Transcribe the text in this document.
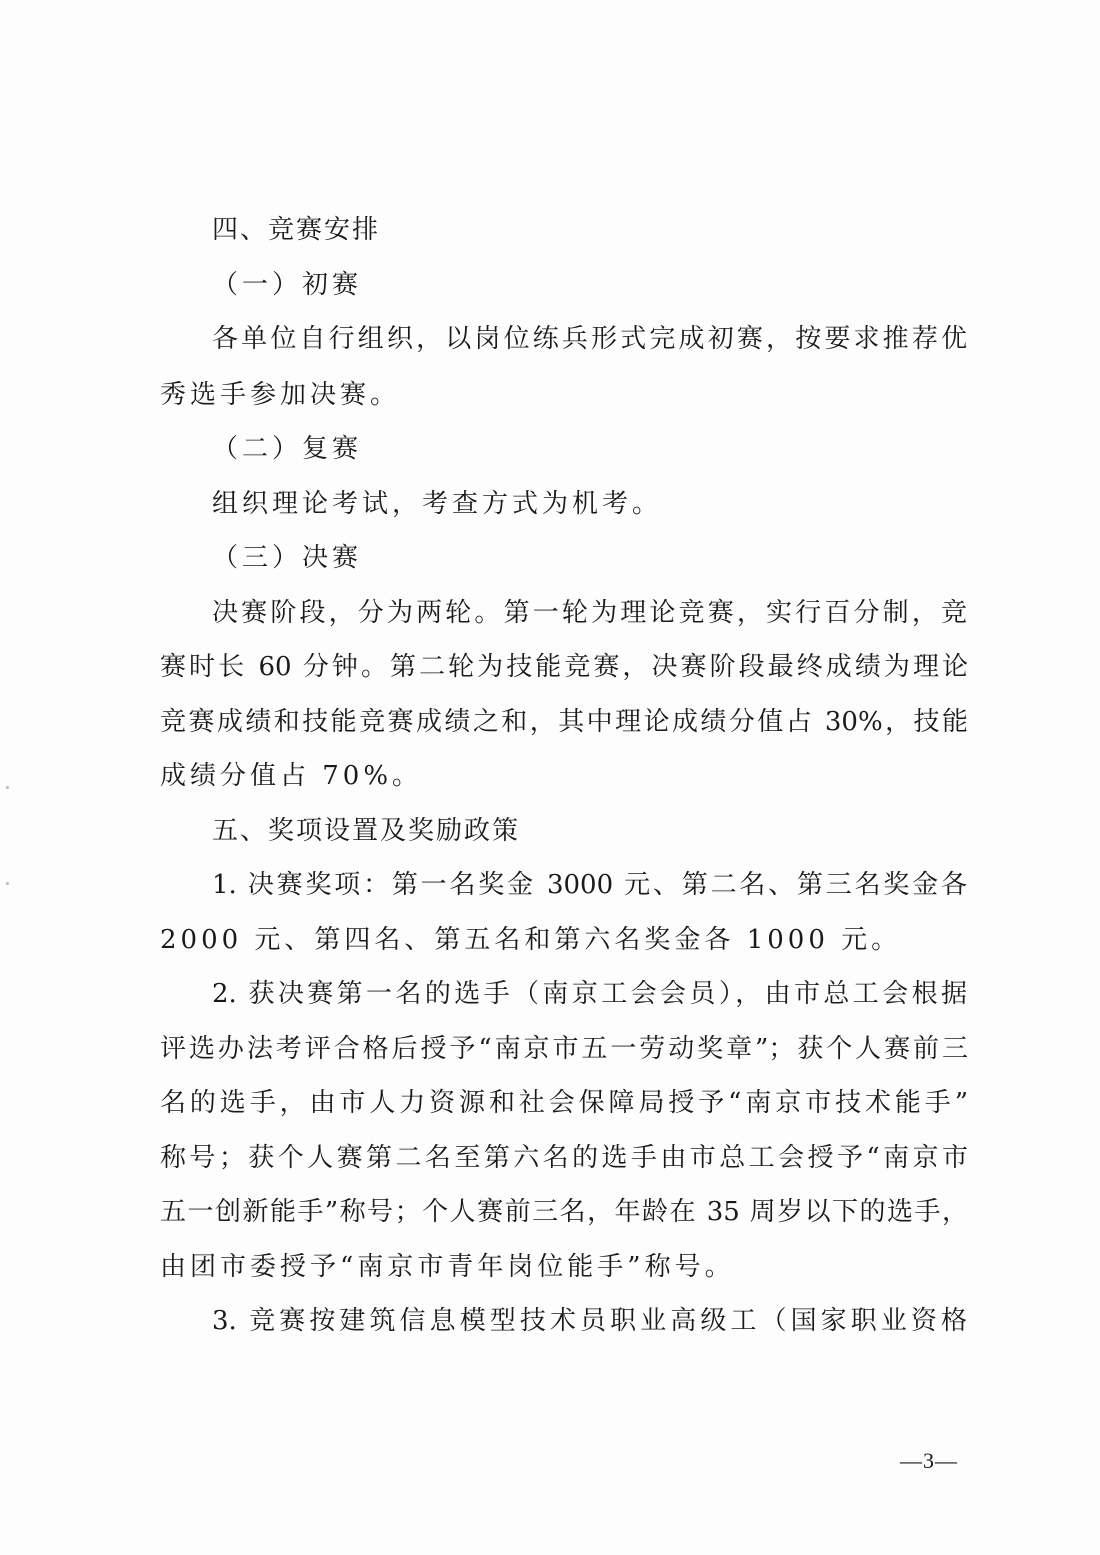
四、竞赛安排
（一）初赛
各单位自行组织，以岗位练兵形式完成初赛，按要求推荐优
秀选手参加决赛。
（二）复赛
组织理论考试，考查方式为机考。
（三）决赛
决赛阶段，分为两轮。第一轮为理论竞赛，实行百分制，竞
赛时长 60 分钟。第二轮为技能竞赛，决赛阶段最终成绩为理论
竞赛成绩和技能竞赛成绩之和，其中理论成绩分值占 30%，技能
成绩分值占 70%。
五、奖项设置及奖励政策
1. 决赛奖项：第一名奖金 3000 元、第二名、第三名奖金各
2000 元、第四名、第五名和第六名奖金各 1000 元。
2. 获决赛第一名的选手（南京工会会员），由市总工会根据
评选办法考评合格后授予“南京市五一劳动奖章”；获个人赛前三
名的选手，由市人力资源和社会保障局授予“南京市技术能手”
称号；获个人赛第二名至第六名的选手由市总工会授予“南京市
五一创新能手”称号；个人赛前三名，年龄在 35 周岁以下的选手，
由团市委授予“南京市青年岗位能手”称号。
3. 竞赛按建筑信息模型技术员职业高级工（国家职业资格
—3—
